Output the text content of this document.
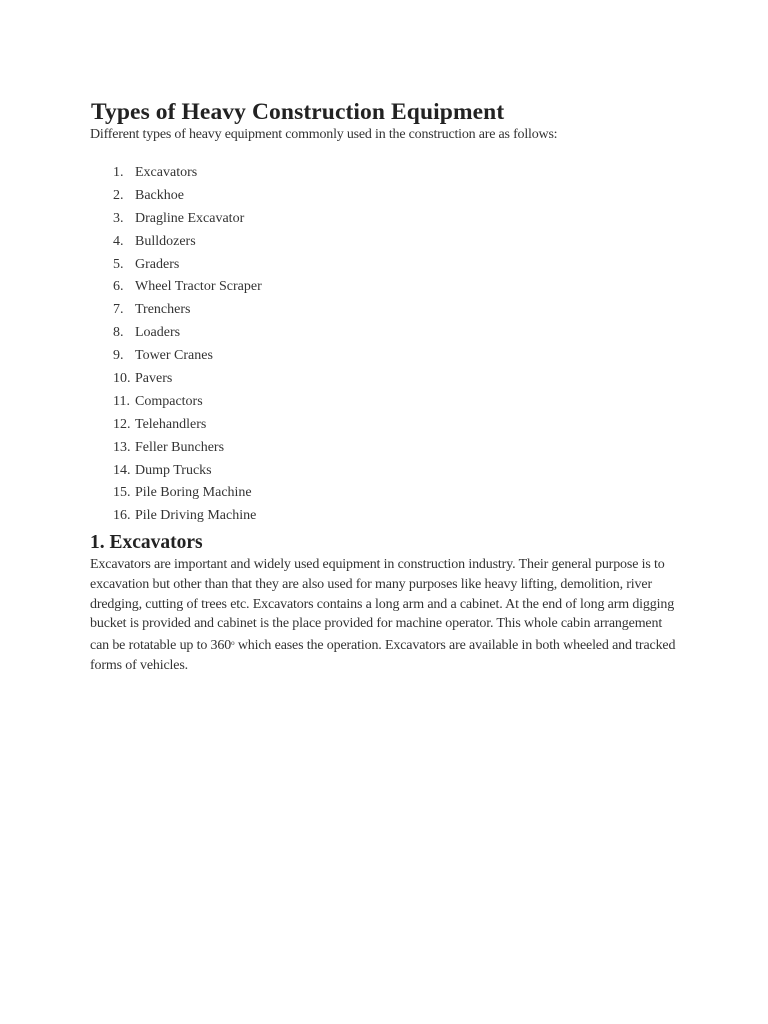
Types of Heavy Construction Equipment

Different types of heavy equipment commonly used in the construction are as follows:

1. Excavators
2. Backhoe
3. Dragline Excavator
4. Bulldozers
5. Graders
6. Wheel Tractor Scraper
7. Trenchers
8. Loaders
9. Tower Cranes
10. Pavers
11. Compactors
12. Telehandlers
13. Feller Bunchers
14. Dump Trucks
15. Pile Boring Machine
16. Pile Driving Machine
1. Excavators

Excavators are important and widely used equipment in construction industry. Their general purpose is to excavation but other than that they are also used for many purposes like heavy lifting, demolition, river dredging, cutting of trees etc. Excavators contains a long arm and a cabinet. At the end of long arm digging bucket is provided and cabinet is the place provided for machine operator. This whole cabin arrangement can be rotatable up to 360$^o$ which eases the operation. Excavators are available in both wheeled and tracked forms of vehicles.
